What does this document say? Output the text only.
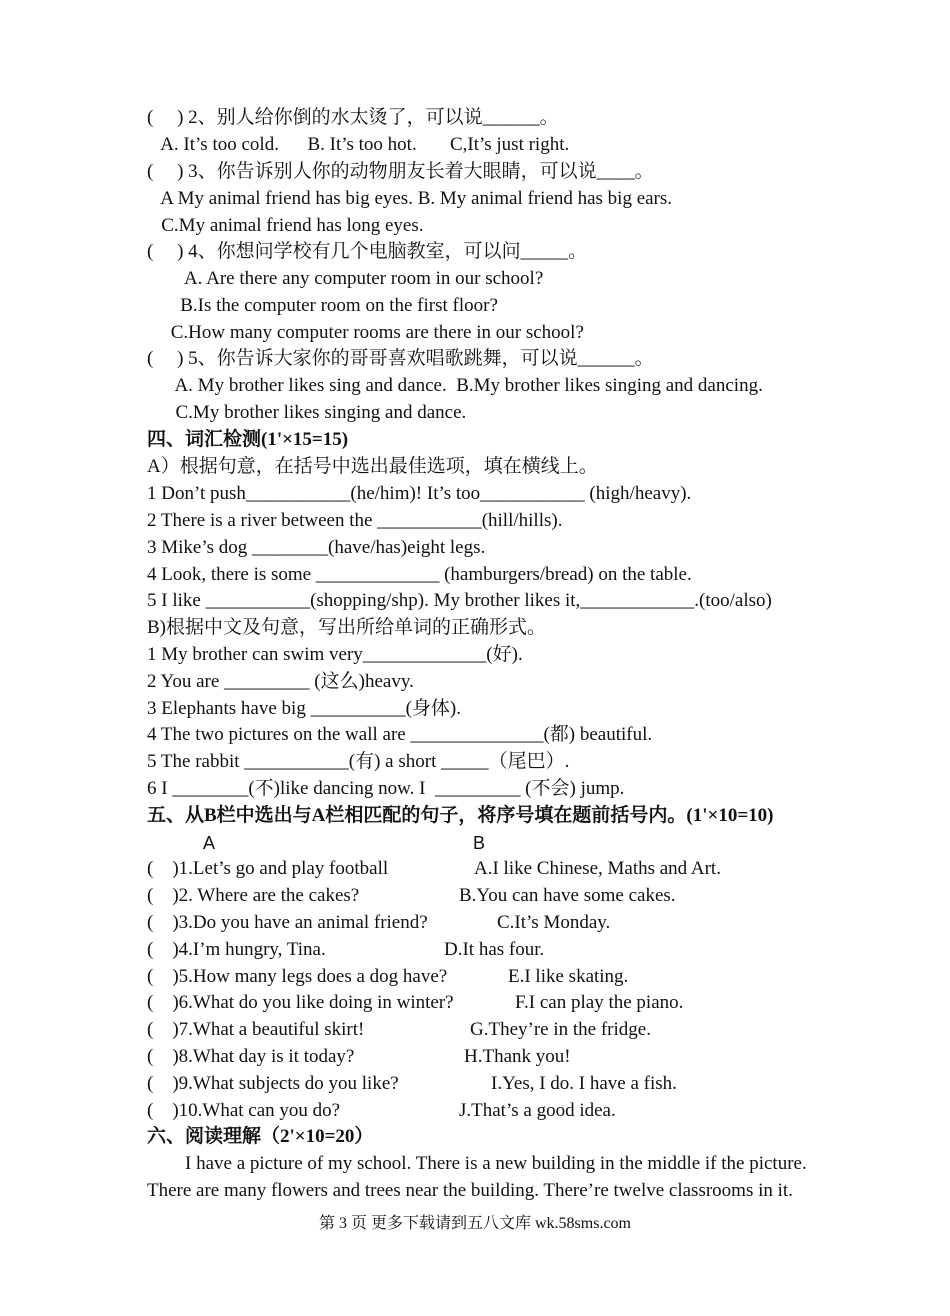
(     ) 2、别人给你倒的水太烫了，可以说______。
A. It’s too cold.      B. It’s too hot.       C,It’s just right.
(     ) 3、你告诉别人你的动物朋友长着大眼睛，可以说____。
A My animal friend has big eyes. B. My animal friend has big ears.
C.My animal friend has long eyes.
(     ) 4、你想问学校有几个电脑教室，可以问_____。
A. Are there any computer room in our school?
B.Is the computer room on the first floor?
C.How many computer rooms are there in our school?
(     ) 5、你告诉大家你的哥哥喜欢唱歌跳舞，可以说______。
A. My brother likes sing and dance.  B.My brother likes singing and dancing.
C.My brother likes singing and dance.
四、词汇检测(1'×15=15)
A）根据句意，在括号中选出最佳选项，填在横线上。
1 Don’t push___________(he/him)! It’s too___________ (high/heavy).
2 There is a river between the ___________(hill/hills).
3 Mike’s dog ________(have/has)eight legs.
4 Look, there is some _____________ (hamburgers/bread) on the table.
5 I like ___________(shopping/shp). My brother likes it,____________.(too/also)
B)根据中文及句意，写出所给单词的正确形式。
1 My brother can swim very_____________(好).
2 You are _________ (这么)heavy.
3 Elephants have big __________(身体).
4 The two pictures on the wall are ______________(都) beautiful.
5 The rabbit ___________(有) a short _____（尾巴）.
6 I ________(不)like dancing now. I  _________ (不会) jump.
五、从B栏中选出与A栏相匹配的句子，将序号填在题前括号内。(1'×10=10)
A	B
(    )1.Let’s go and play football	A.I like Chinese, Maths and Art.
(    )2. Where are the cakes?	B.You can have some cakes.
(    )3.Do you have an animal friend?	C.It’s Monday.
(    )4.I’m hungry, Tina.	D.It has four.
(    )5.How many legs does a dog have?	E.I like skating.
(    )6.What do you like doing in winter?	F.I can play the piano.
(    )7.What a beautiful skirt!	G.They’re in the fridge.
(    )8.What day is it today?	H.Thank you!
(    )9.What subjects do you like?	I.Yes, I do. I have a fish.
(    )10.What can you do?	J.That’s a good idea.
六、阅读理解（2'×10=20）
I have a picture of my school. There is a new building in the middle if the picture.
There are many flowers and trees near the building. There’re twelve classrooms in it.
第 3 页 更多下载请到五八文库 wk.58sms.com
